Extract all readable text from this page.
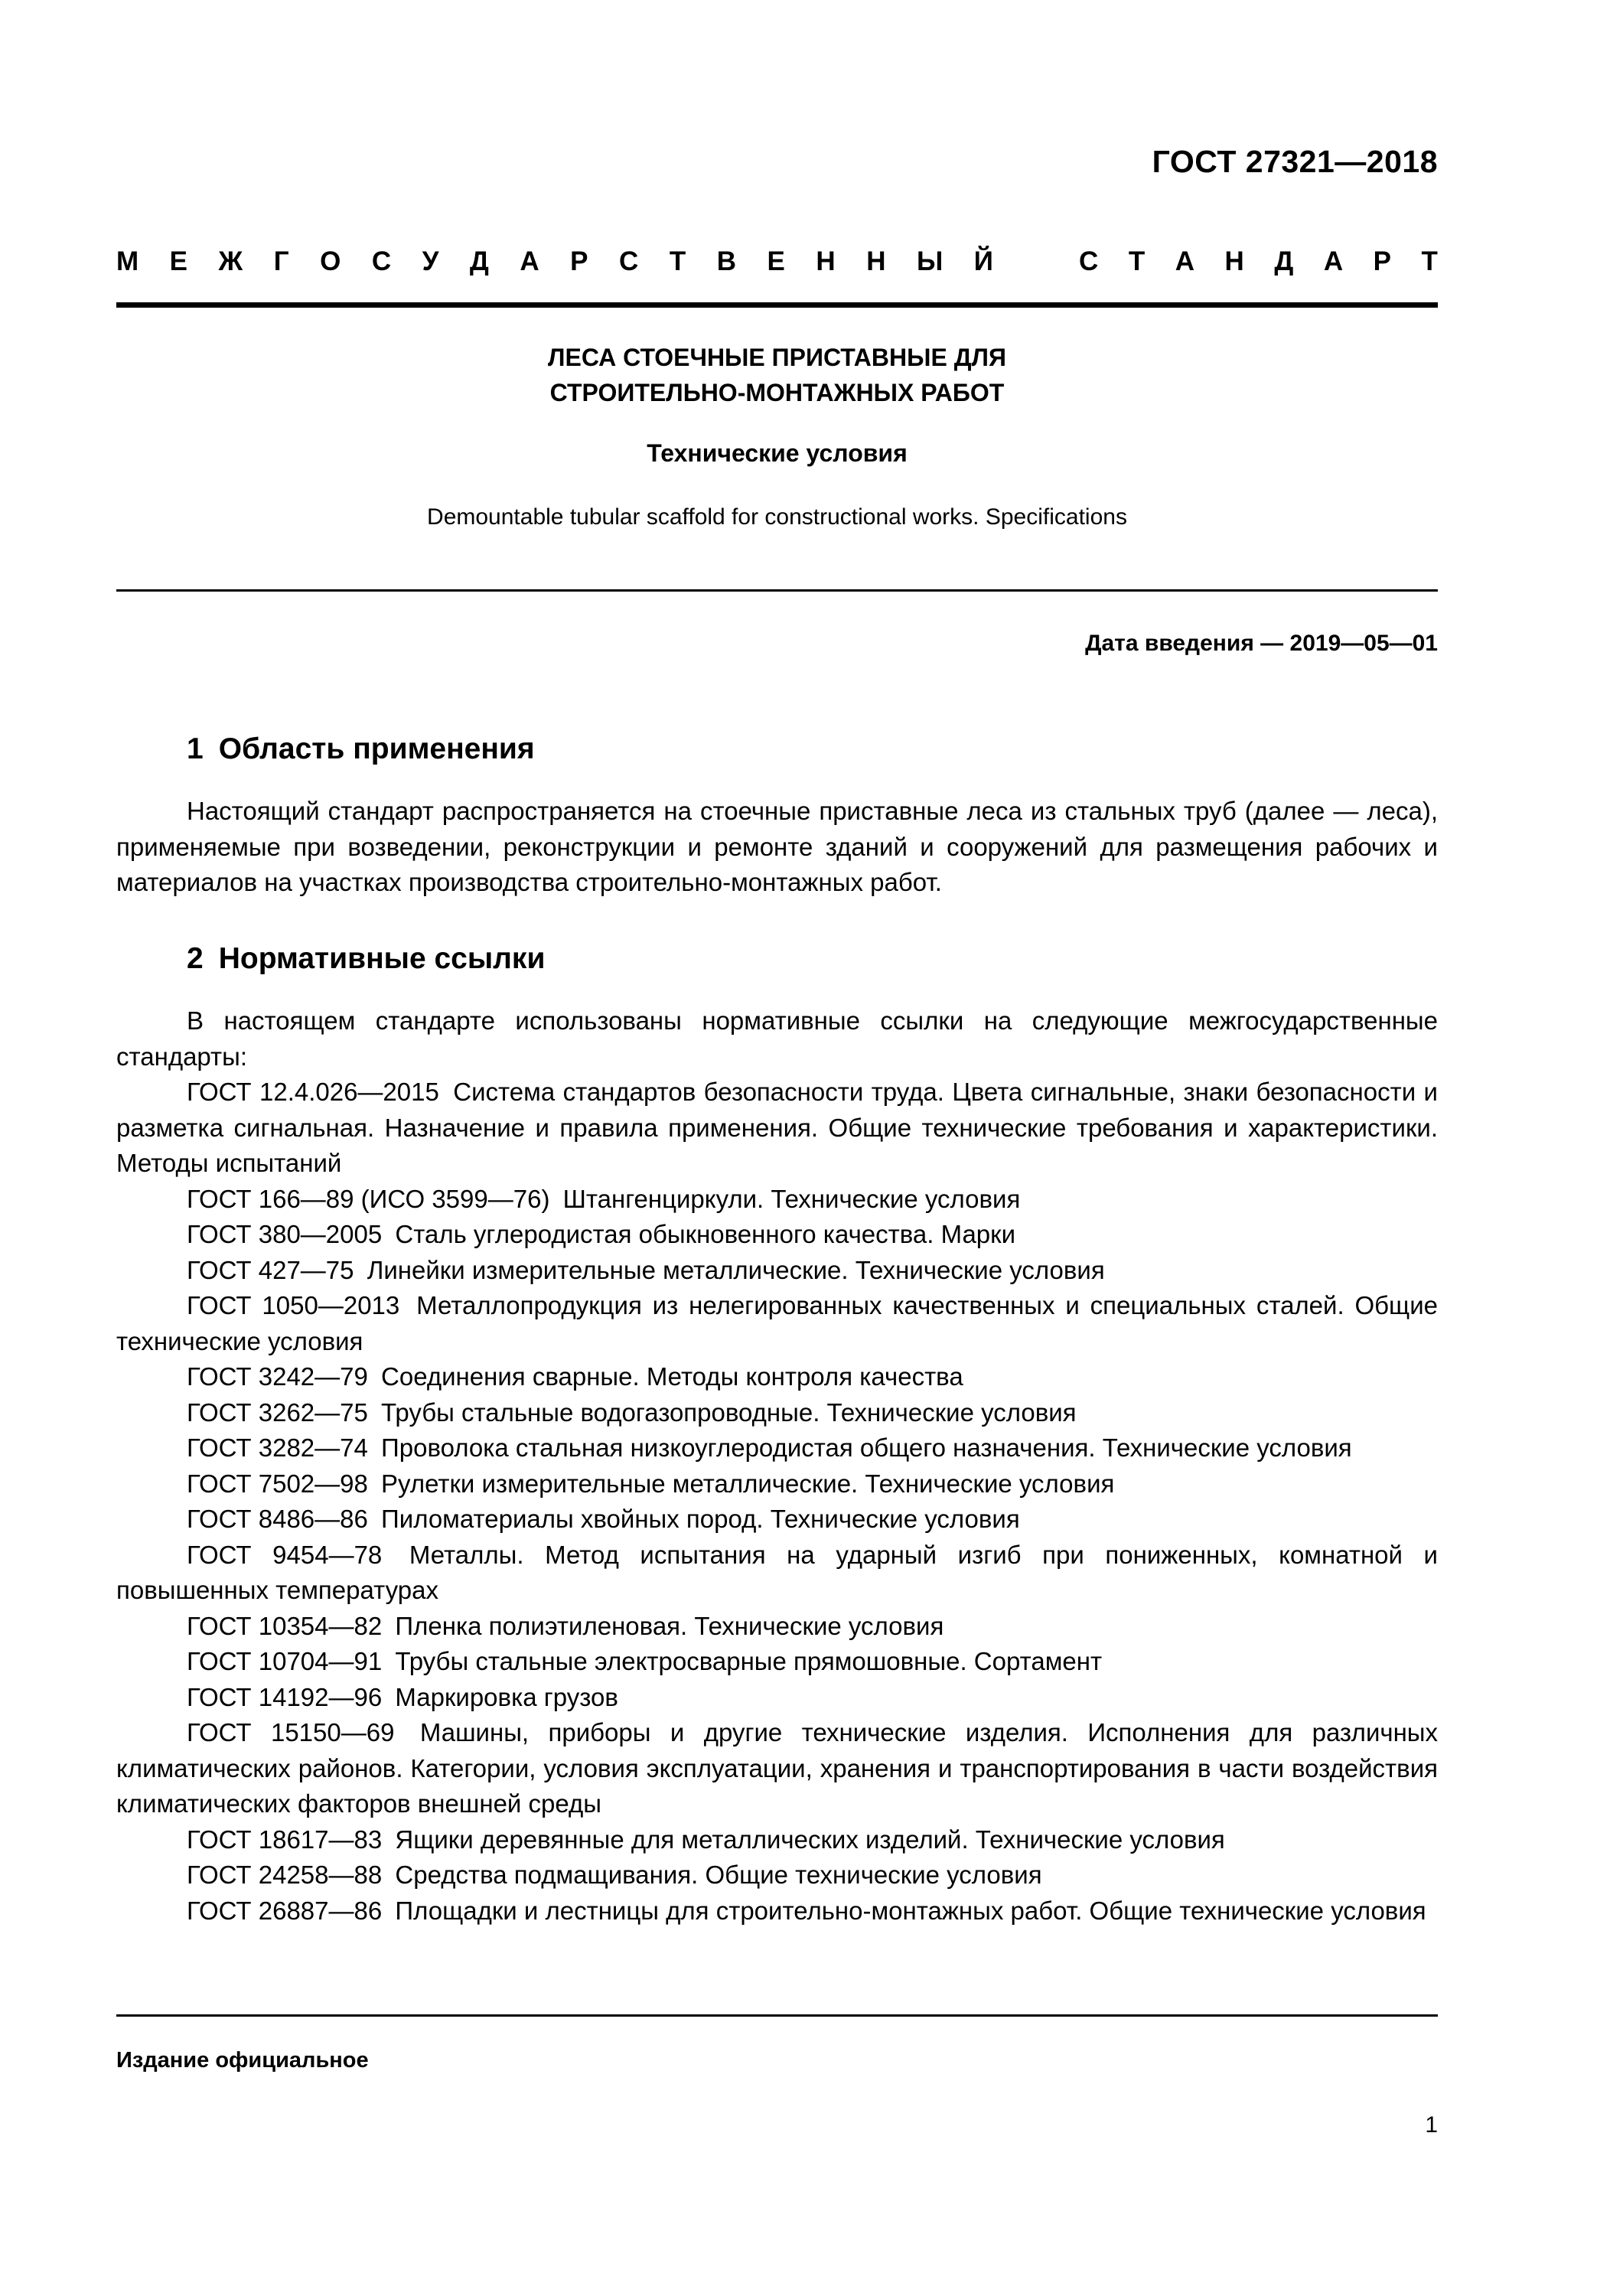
ГОСТ 27321—2018
М Е Ж Г О С У Д А Р С Т В Е Н Н Ы Й	С Т А Н Д А Р Т
ЛЕСА СТОЕЧНЫЕ ПРИСТАВНЫЕ ДЛЯ
СТРОИТЕЛЬНО-МОНТАЖНЫХ РАБОТ
Технические условия
Demountable tubular scaffold for constructional works. Specifications
Дата введения — 2019—05—01
1 Область применения

Настоящий стандарт распространяется на стоечные приставные леса из стальных труб (далее — леса), применяемые при возведении, реконструкции и ремонте зданий и сооружений для размещения рабочих и материалов на участках производства строительно-монтажных работ.

2 Нормативные ссылки

В настоящем стандарте использованы нормативные ссылки на следующие межгосударственные стандарты:

ГОСТ 12.4.026—2015 Система стандартов безопасности труда. Цвета сигнальные, знаки безопасности и разметка сигнальная. Назначение и правила применения. Общие технические требования и характеристики. Методы испытаний

ГОСТ 166—89 (ИСО 3599—76) Штангенциркули. Технические условия

ГОСТ 380—2005 Сталь углеродистая обыкновенного качества. Марки

ГОСТ 427—75 Линейки измерительные металлические. Технические условия

ГОСТ 1050—2013 Металлопродукция из нелегированных качественных и специальных сталей. Общие технические условия

ГОСТ 3242—79 Соединения сварные. Методы контроля качества

ГОСТ 3262—75 Трубы стальные водогазопроводные. Технические условия

ГОСТ 3282—74 Проволока стальная низкоуглеродистая общего назначения. Технические условия

ГОСТ 7502—98 Рулетки измерительные металлические. Технические условия

ГОСТ 8486—86 Пиломатериалы хвойных пород. Технические условия

ГОСТ 9454—78 Металлы. Метод испытания на ударный изгиб при пониженных, комнатной и повышенных температурах

ГОСТ 10354—82 Пленка полиэтиленовая. Технические условия

ГОСТ 10704—91 Трубы стальные электросварные прямошовные. Сортамент

ГОСТ 14192—96 Маркировка грузов

ГОСТ 15150—69 Машины, приборы и другие технические изделия. Исполнения для различных климатических районов. Категории, условия эксплуатации, хранения и транспортирования в части воздействия климатических факторов внешней среды

ГОСТ 18617—83 Ящики деревянные для металлических изделий. Технические условия

ГОСТ 24258—88 Средства подмащивания. Общие технические условия

ГОСТ 26887—86 Площадки и лестницы для строительно-монтажных работ. Общие технические условия

Издание официальное
1
